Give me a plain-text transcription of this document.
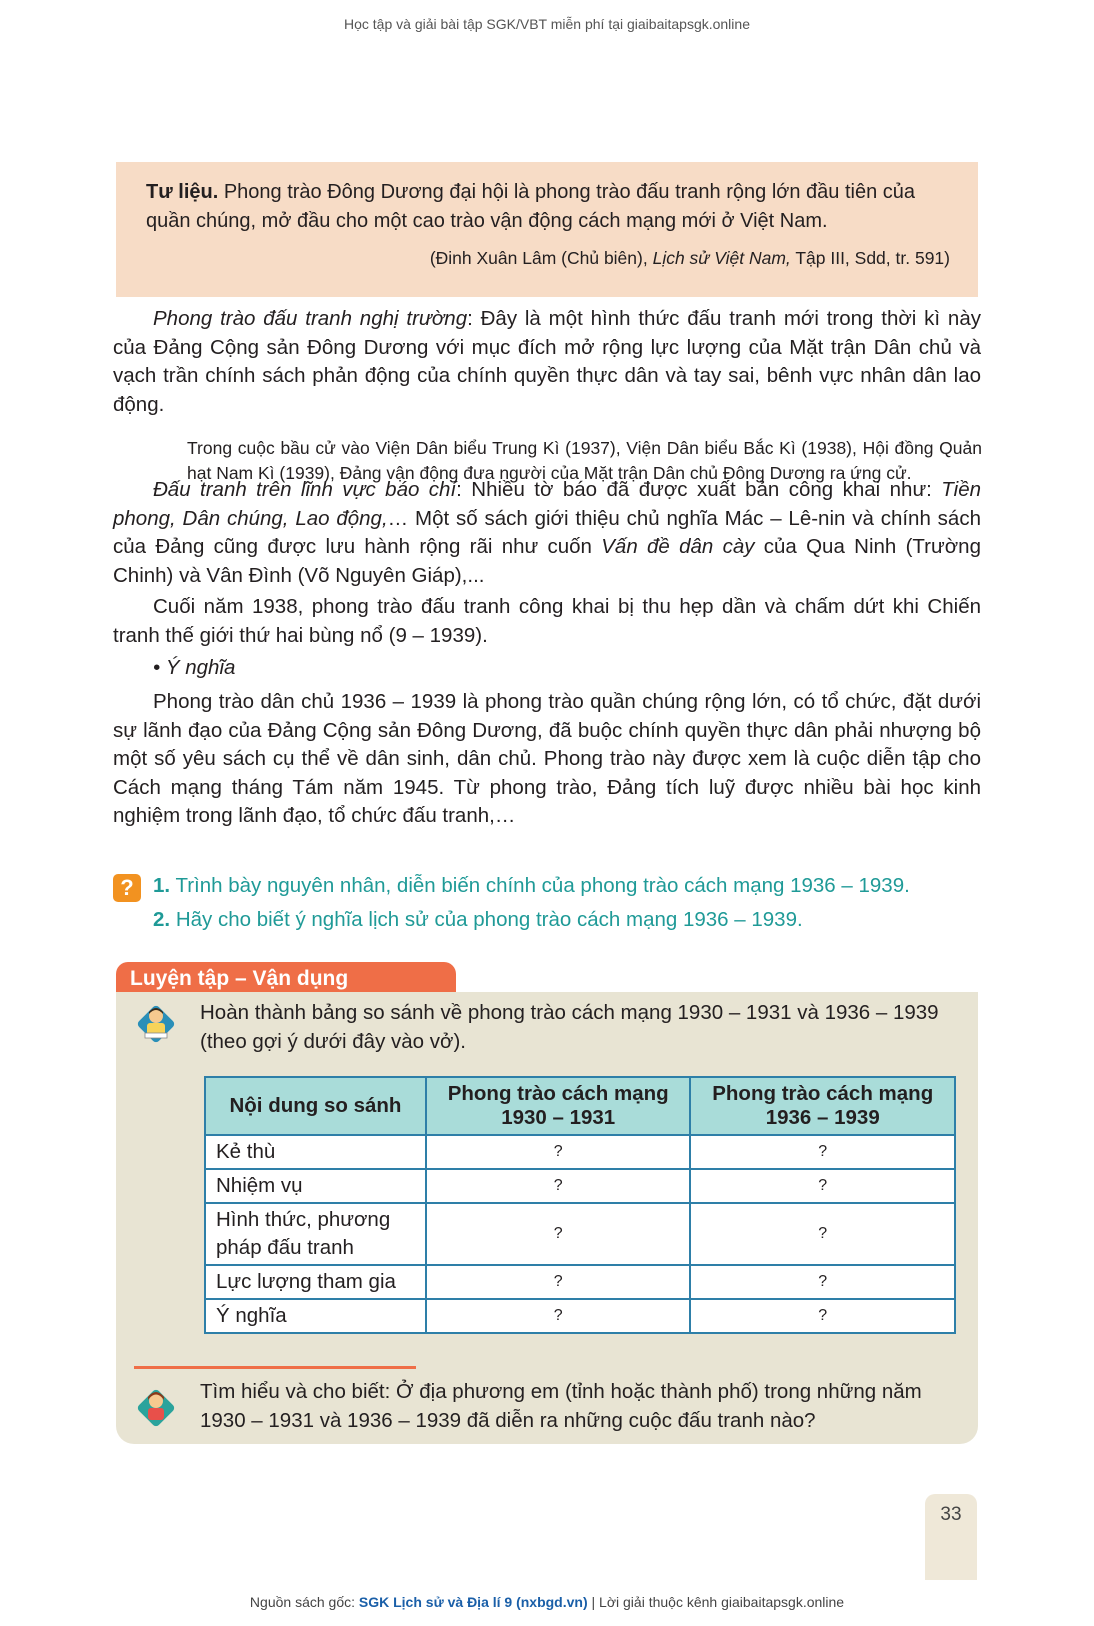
Học tập và giải bài tập SGK/VBT miễn phí tại giaibaitapsgk.online
Tư liệu. Phong trào Đông Dương đại hội là phong trào đấu tranh rộng lớn đầu tiên của quần chúng, mở đầu cho một cao trào vận động cách mạng mới ở Việt Nam.
(Đinh Xuân Lâm (Chủ biên), Lịch sử Việt Nam, Tập III, Sdd, tr. 591)
Phong trào đấu tranh nghị trường: Đây là một hình thức đấu tranh mới trong thời kì này của Đảng Cộng sản Đông Dương với mục đích mở rộng lực lượng của Mặt trận Dân chủ và vạch trần chính sách phản động của chính quyền thực dân và tay sai, bênh vực nhân dân lao động.
Trong cuộc bầu cử vào Viện Dân biểu Trung Kì (1937), Viện Dân biểu Bắc Kì (1938), Hội đồng Quản hạt Nam Kì (1939), Đảng vận động đưa người của Mặt trận Dân chủ Đông Dương ra ứng cử.
Đấu tranh trên lĩnh vực báo chí: Nhiều tờ báo đã được xuất bản công khai như: Tiền phong, Dân chúng, Lao động,… Một số sách giới thiệu chủ nghĩa Mác – Lê-nin và chính sách của Đảng cũng được lưu hành rộng rãi như cuốn Vấn đề dân cày của Qua Ninh (Trường Chinh) và Vân Đình (Võ Nguyên Giáp),...
Cuối năm 1938, phong trào đấu tranh công khai bị thu hẹp dần và chấm dứt khi Chiến tranh thế giới thứ hai bùng nổ (9 – 1939).
• Ý nghĩa
Phong trào dân chủ 1936 – 1939 là phong trào quần chúng rộng lớn, có tổ chức, đặt dưới sự lãnh đạo của Đảng Cộng sản Đông Dương, đã buộc chính quyền thực dân phải nhượng bộ một số yêu sách cụ thể về dân sinh, dân chủ. Phong trào này được xem là cuộc diễn tập cho Cách mạng tháng Tám năm 1945. Từ phong trào, Đảng tích luỹ được nhiều bài học kinh nghiệm trong lãnh đạo, tổ chức đấu tranh,…
? 1. Trình bày nguyên nhân, diễn biến chính của phong trào cách mạng 1936 – 1939.
2. Hãy cho biết ý nghĩa lịch sử của phong trào cách mạng 1936 – 1939.
Luyện tập – Vận dụng
Hoàn thành bảng so sánh về phong trào cách mạng 1930 – 1931 và 1936 – 1939 (theo gợi ý dưới đây vào vở).
Nội dung so sánh	Phong trào cách mạng 1930 – 1931	Phong trào cách mạng 1936 – 1939
Kẻ thù	?	?
Nhiệm vụ	?	?
Hình thức, phương pháp đấu tranh	?	?
Lực lượng tham gia	?	?
Ý nghĩa	?	?
Tìm hiểu và cho biết: Ở địa phương em (tỉnh hoặc thành phố) trong những năm 1930 – 1931 và 1936 – 1939 đã diễn ra những cuộc đấu tranh nào?
33
Nguồn sách gốc: SGK Lịch sử và Địa lí 9 (nxbgd.vn) | Lời giải thuộc kênh giaibaitapsgk.online
